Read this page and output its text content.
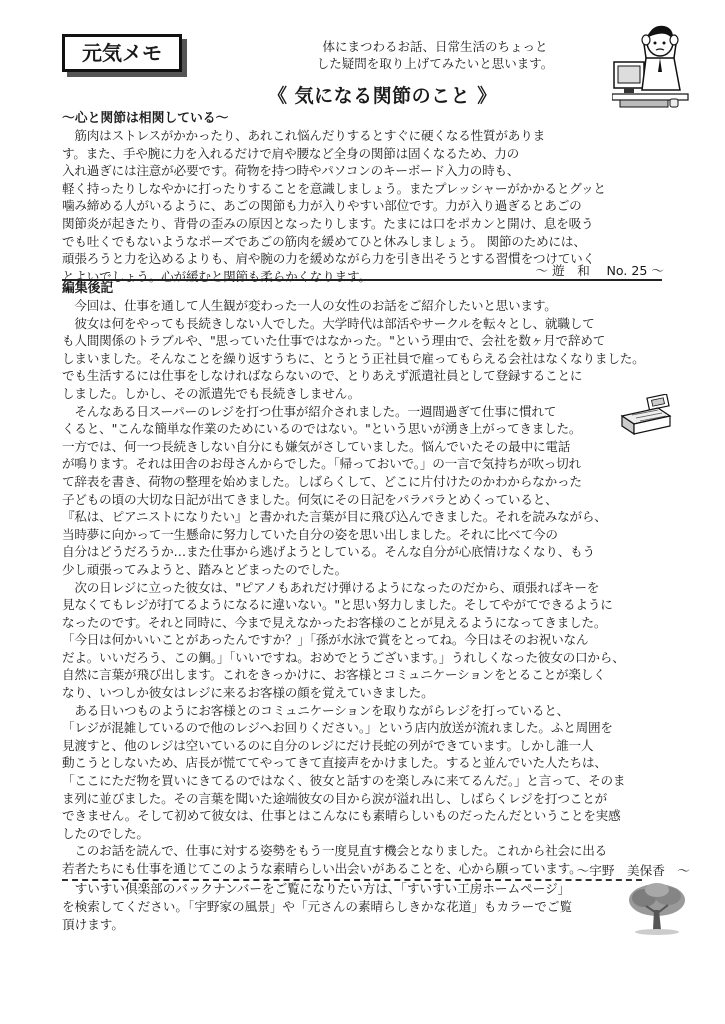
元気メモ	体にまつわるお話、日常生活のちょっと
した疑問を取り上げてみたいと思います。
《 気になる関節のこと 》
～心と関節は相関している～
　筋肉はストレスがかかったり、あれこれ悩んだりするとすぐに硬くなる性質がありま
す。また、手や腕に力を入れるだけで肩や腰など全身の関節は固くなるため、力の
入れ過ぎには注意が必要です。荷物を持つ時やパソコンのキーボード入力の時も、
軽く持ったりしなやかに打ったりすることを意識しましょう。またプレッシャーがかかるとグッと
噛み締める人がいるように、あごの関節も力が入りやすい部位です。力が入り過ぎるとあごの
関節炎が起きたり、背骨の歪みの原因となったりします。たまには口をポカンと開け、息を吸う
でも吐くでもないようなポーズであごの筋肉を緩めてひと休みしましょう。 関節のためには、
頑張ろうと力を込めるよりも、肩や腕の力を緩めながら力を引き出そうとする習慣をつけていく
とよいでしょう。心が緩むと関節も柔らかくなります。	～ 遊　和　 No. 25 ～
編集後記
　今回は、仕事を通して人生観が変わった一人の女性のお話をご紹介したいと思います。
　彼女は何をやっても長続きしない人でした。大学時代は部活やサークルを転々とし、就職して
も人間関係のトラブルや、"思っていた仕事ではなかった。"という理由で、会社を数ヶ月で辞めて
しまいました。そんなことを繰り返すうちに、とうとう正社員で雇ってもらえる会社はなくなりました。
でも生活するには仕事をしなければならないので、とりあえず派遣社員として登録することに
しました。しかし、その派遣先でも長続きしません。
　そんなある日スーパーのレジを打つ仕事が紹介されました。一週間過ぎて仕事に慣れて
くると、"こんな簡単な作業のためにいるのではない。"という思いが湧き上がってきました。
一方では、何一つ長続きしない自分にも嫌気がさしていました。悩んでいたその最中に電話
が鳴ります。それは田舎のお母さんからでした。「帰っておいで。」の一言で気持ちが吹っ切れ
て辞表を書き、荷物の整理を始めました。しばらくして、どこに片付けたのかわからなかった
子どもの頃の大切な日記が出てきました。何気にその日記をパラパラとめくっていると、
『私は、ピアニストになりたい』と書かれた言葉が目に飛び込んできました。それを読みながら、
当時夢に向かって一生懸命に努力していた自分の姿を思い出しました。それに比べて今の
自分はどうだろうか…また仕事から逃げようとしている。そんな自分が心底情けなくなり、もう
少し頑張ってみようと、踏みとどまったのでした。
　次の日レジに立った彼女は、"ピアノもあれだけ弾けるようになったのだから、頑張ればキーを
見なくてもレジが打てるようになるに違いない。"と思い努力しました。そしてやがてできるように
なったのです。それと同時に、今まで見えなかったお客様のことが見えるようになってきました。
「今日は何かいいことがあったんですか？」「孫が水泳で賞をとってね。今日はそのお祝いなん
だよ。いいだろう、この鯛。」「いいですね。おめでとうございます。」うれしくなった彼女の口から、
自然に言葉が飛び出します。これをきっかけに、お客様とコミュニケーションをとることが楽しく
なり、いつしか彼女はレジに来るお客様の顔を覚えていきました。
　ある日いつものようにお客様とのコミュニケーションを取りながらレジを打っていると、
「レジが混雑しているので他のレジへお回りください。」という店内放送が流れました。ふと周囲を
見渡すと、他のレジは空いているのに自分のレジにだけ長蛇の列ができています。しかし誰一人
動こうとしないため、店長が慌ててやってきて直接声をかけました。すると並んでいた人たちは、
「ここにただ物を買いにきてるのではなく、彼女と話すのを楽しみに来てるんだ。」と言って、そのま
ま列に並びました。その言葉を聞いた途端彼女の目から涙が溢れ出し、しばらくレジを打つことが
できません。そして初めて彼女は、仕事とはこんなにも素晴らしいものだったんだということを実感
したのでした。
　このお話を読んで、仕事に対する姿勢をもう一度見直す機会となりました。これから社会に出る
若者たちにも仕事を通じてこのような素晴らしい出会いがあることを、心から願っています。
～宇野　美保香　～
　すいすい倶楽部のバックナンバーをご覧になりたい方は、「すいすい工房ホームページ」
を検索してください。「宇野家の風景」や「元さんの素晴らしきかな花道」もカラーでご覧
頂けます。
